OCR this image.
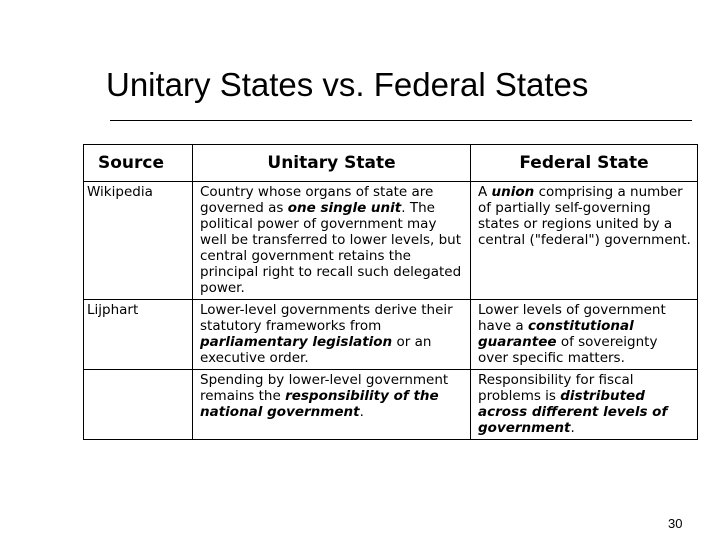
Unitary States vs. Federal States
Source	Unitary State	Federal State
Wikipedia	Country whose organs of state are governed as one single unit. The political power of government may well be transferred to lower levels, but central government retains the principal right to recall such delegated power.	A union comprising a number of partially self-governing states or regions united by a central ("federal") government.
Lijphart	Lower-level governments derive their statutory frameworks from parliamentary legislation or an executive order.	Lower levels of government have a constitutional guarantee of sovereignty over specific matters.
	Spending by lower-level government remains the responsibility of the national government.	Responsibility for fiscal problems is distributed across different levels of government.
30
